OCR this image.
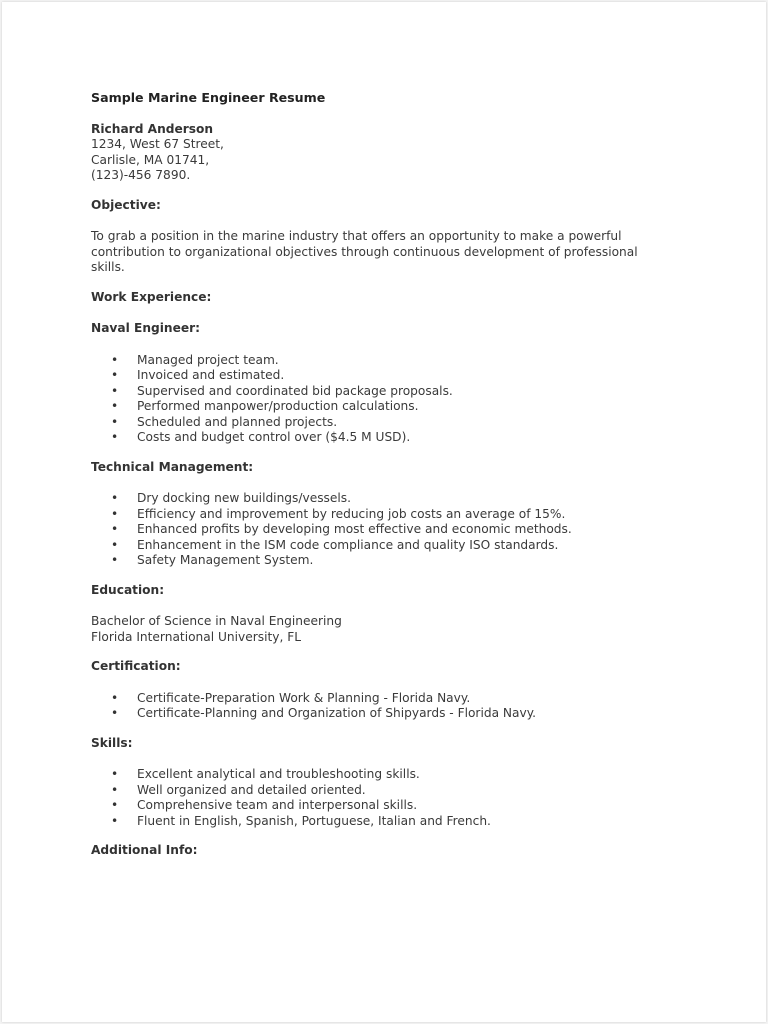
Sample Marine Engineer Resume
Richard Anderson
1234, West 67 Street,
Carlisle, MA 01741,
(123)-456 7890.
Objective:

To grab a position in the marine industry that offers an opportunity to make a powerful contribution to organizational objectives through continuous development of professional skills.

Work Experience:
Naval Engineer:
• Managed project team.
• Invoiced and estimated.
• Supervised and coordinated bid package proposals.
• Performed manpower/production calculations.
• Scheduled and planned projects.
• Costs and budget control over ($4.5 M USD).
Technical Management:
• Dry docking new buildings/vessels.
• Efficiency and improvement by reducing job costs an average of 15%.
• Enhanced profits by developing most effective and economic methods.
• Enhancement in the ISM code compliance and quality ISO standards.
• Safety Management System.
Education:
Bachelor of Science in Naval Engineering
Florida International University, FL
Certification:
• Certificate-Preparation Work & Planning - Florida Navy.
• Certificate-Planning and Organization of Shipyards - Florida Navy.
Skills:
• Excellent analytical and troubleshooting skills.
• Well organized and detailed oriented.
• Comprehensive team and interpersonal skills.
• Fluent in English, Spanish, Portuguese, Italian and French.
Additional Info:
